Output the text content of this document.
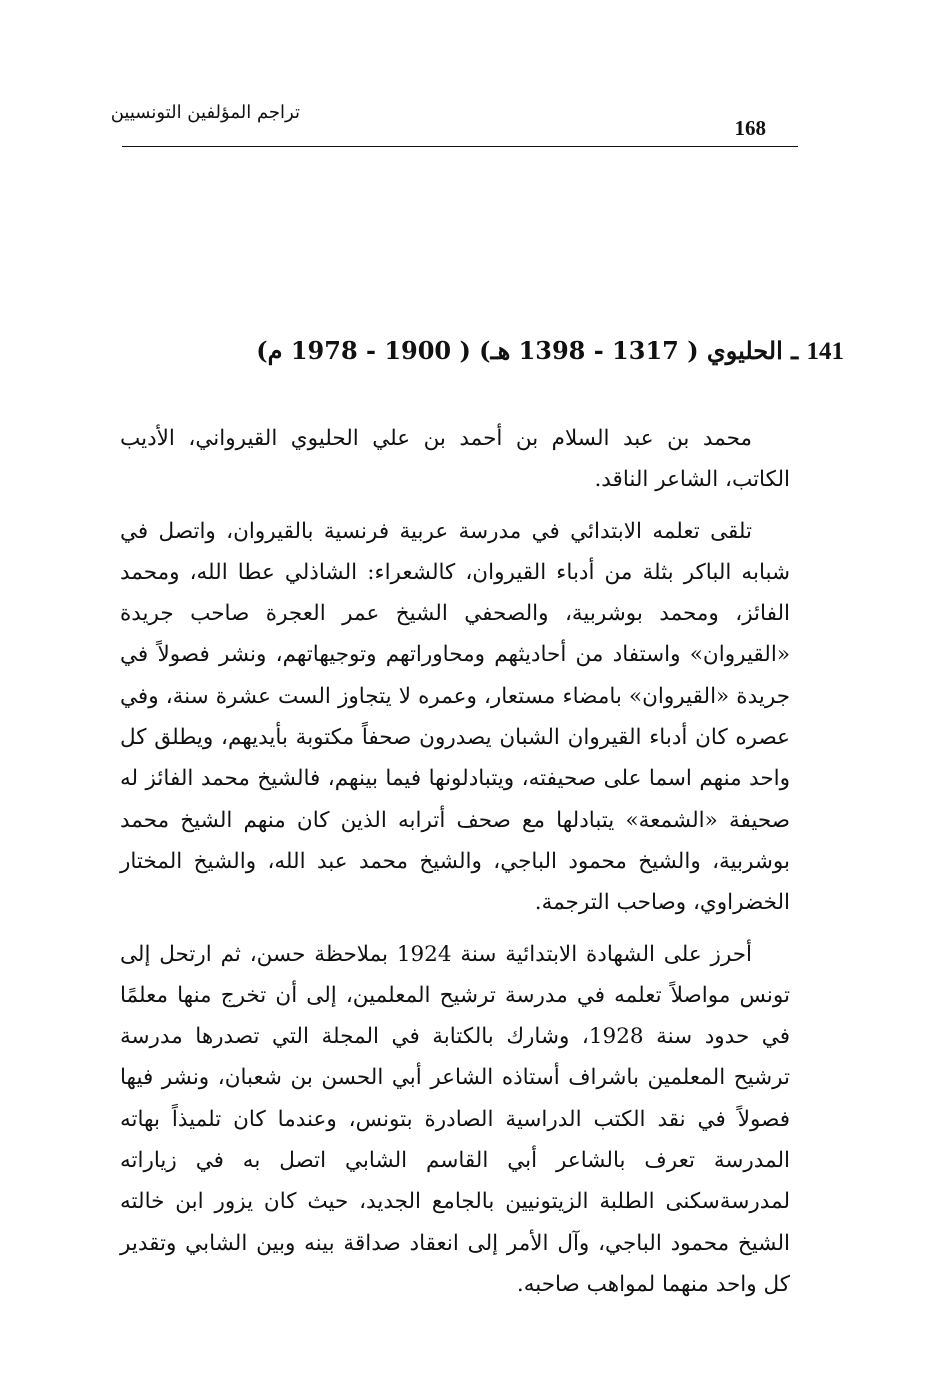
تراجم المؤلفين التونسيين
168
141 ـ الحليوي ( 1317 - 1398 هـ) ( 1900 - 1978 م)

محمد بن عبد السلام بن أحمد بن علي الحليوي القيرواني، الأديب الكاتب، الشاعر الناقد.

تلقى تعلمه الابتدائي في مدرسة عربية فرنسية بالقيروان، واتصل في شبابه الباكر بثلة من أدباء القيروان، كالشعراء: الشاذلي عطا الله، ومحمد الفائز، ومحمد بوشربية، والصحفي الشيخ عمر العجرة صاحب جريدة «القيروان» واستفاد من أحاديثهم ومحاوراتهم وتوجيهاتهم، ونشر فصولاً في جريدة «القيروان» بامضاء مستعار، وعمره لا يتجاوز الست عشرة سنة، وفي عصره كان أدباء القيروان الشبان يصدرون صحفاً مكتوبة بأيديهم، ويطلق كل واحد منهم اسما على صحيفته، ويتبادلونها فيما بينهم، فالشيخ محمد الفائز له صحيفة «الشمعة» يتبادلها مع صحف أترابه الذين كان منهم الشيخ محمد بوشربية، والشيخ محمود الباجي، والشيخ محمد عبد الله، والشيخ المختار الخضراوي، وصاحب الترجمة.

أحرز على الشهادة الابتدائية سنة 1924 بملاحظة حسن، ثم ارتحل إلى تونس مواصلاً تعلمه في مدرسة ترشيح المعلمين، إلى أن تخرج منها معلمًا في حدود سنة 1928، وشارك بالكتابة في المجلة التي تصدرها مدرسة ترشيح المعلمين باشراف أستاذه الشاعر أبي الحسن بن شعبان، ونشر فيها فصولاً في نقد الكتب الدراسية الصادرة بتونس، وعندما كان تلميذاً بهاته المدرسة تعرف بالشاعر أبي القاسم الشابي اتصل به في زياراته لمدرسةسكنى الطلبة الزيتونيين بالجامع الجديد، حيث كان يزور ابن خالته الشيخ محمود الباجي، وآل الأمر إلى انعقاد صداقة بينه وبين الشابي وتقدير كل واحد منهما لمواهب صاحبه.
